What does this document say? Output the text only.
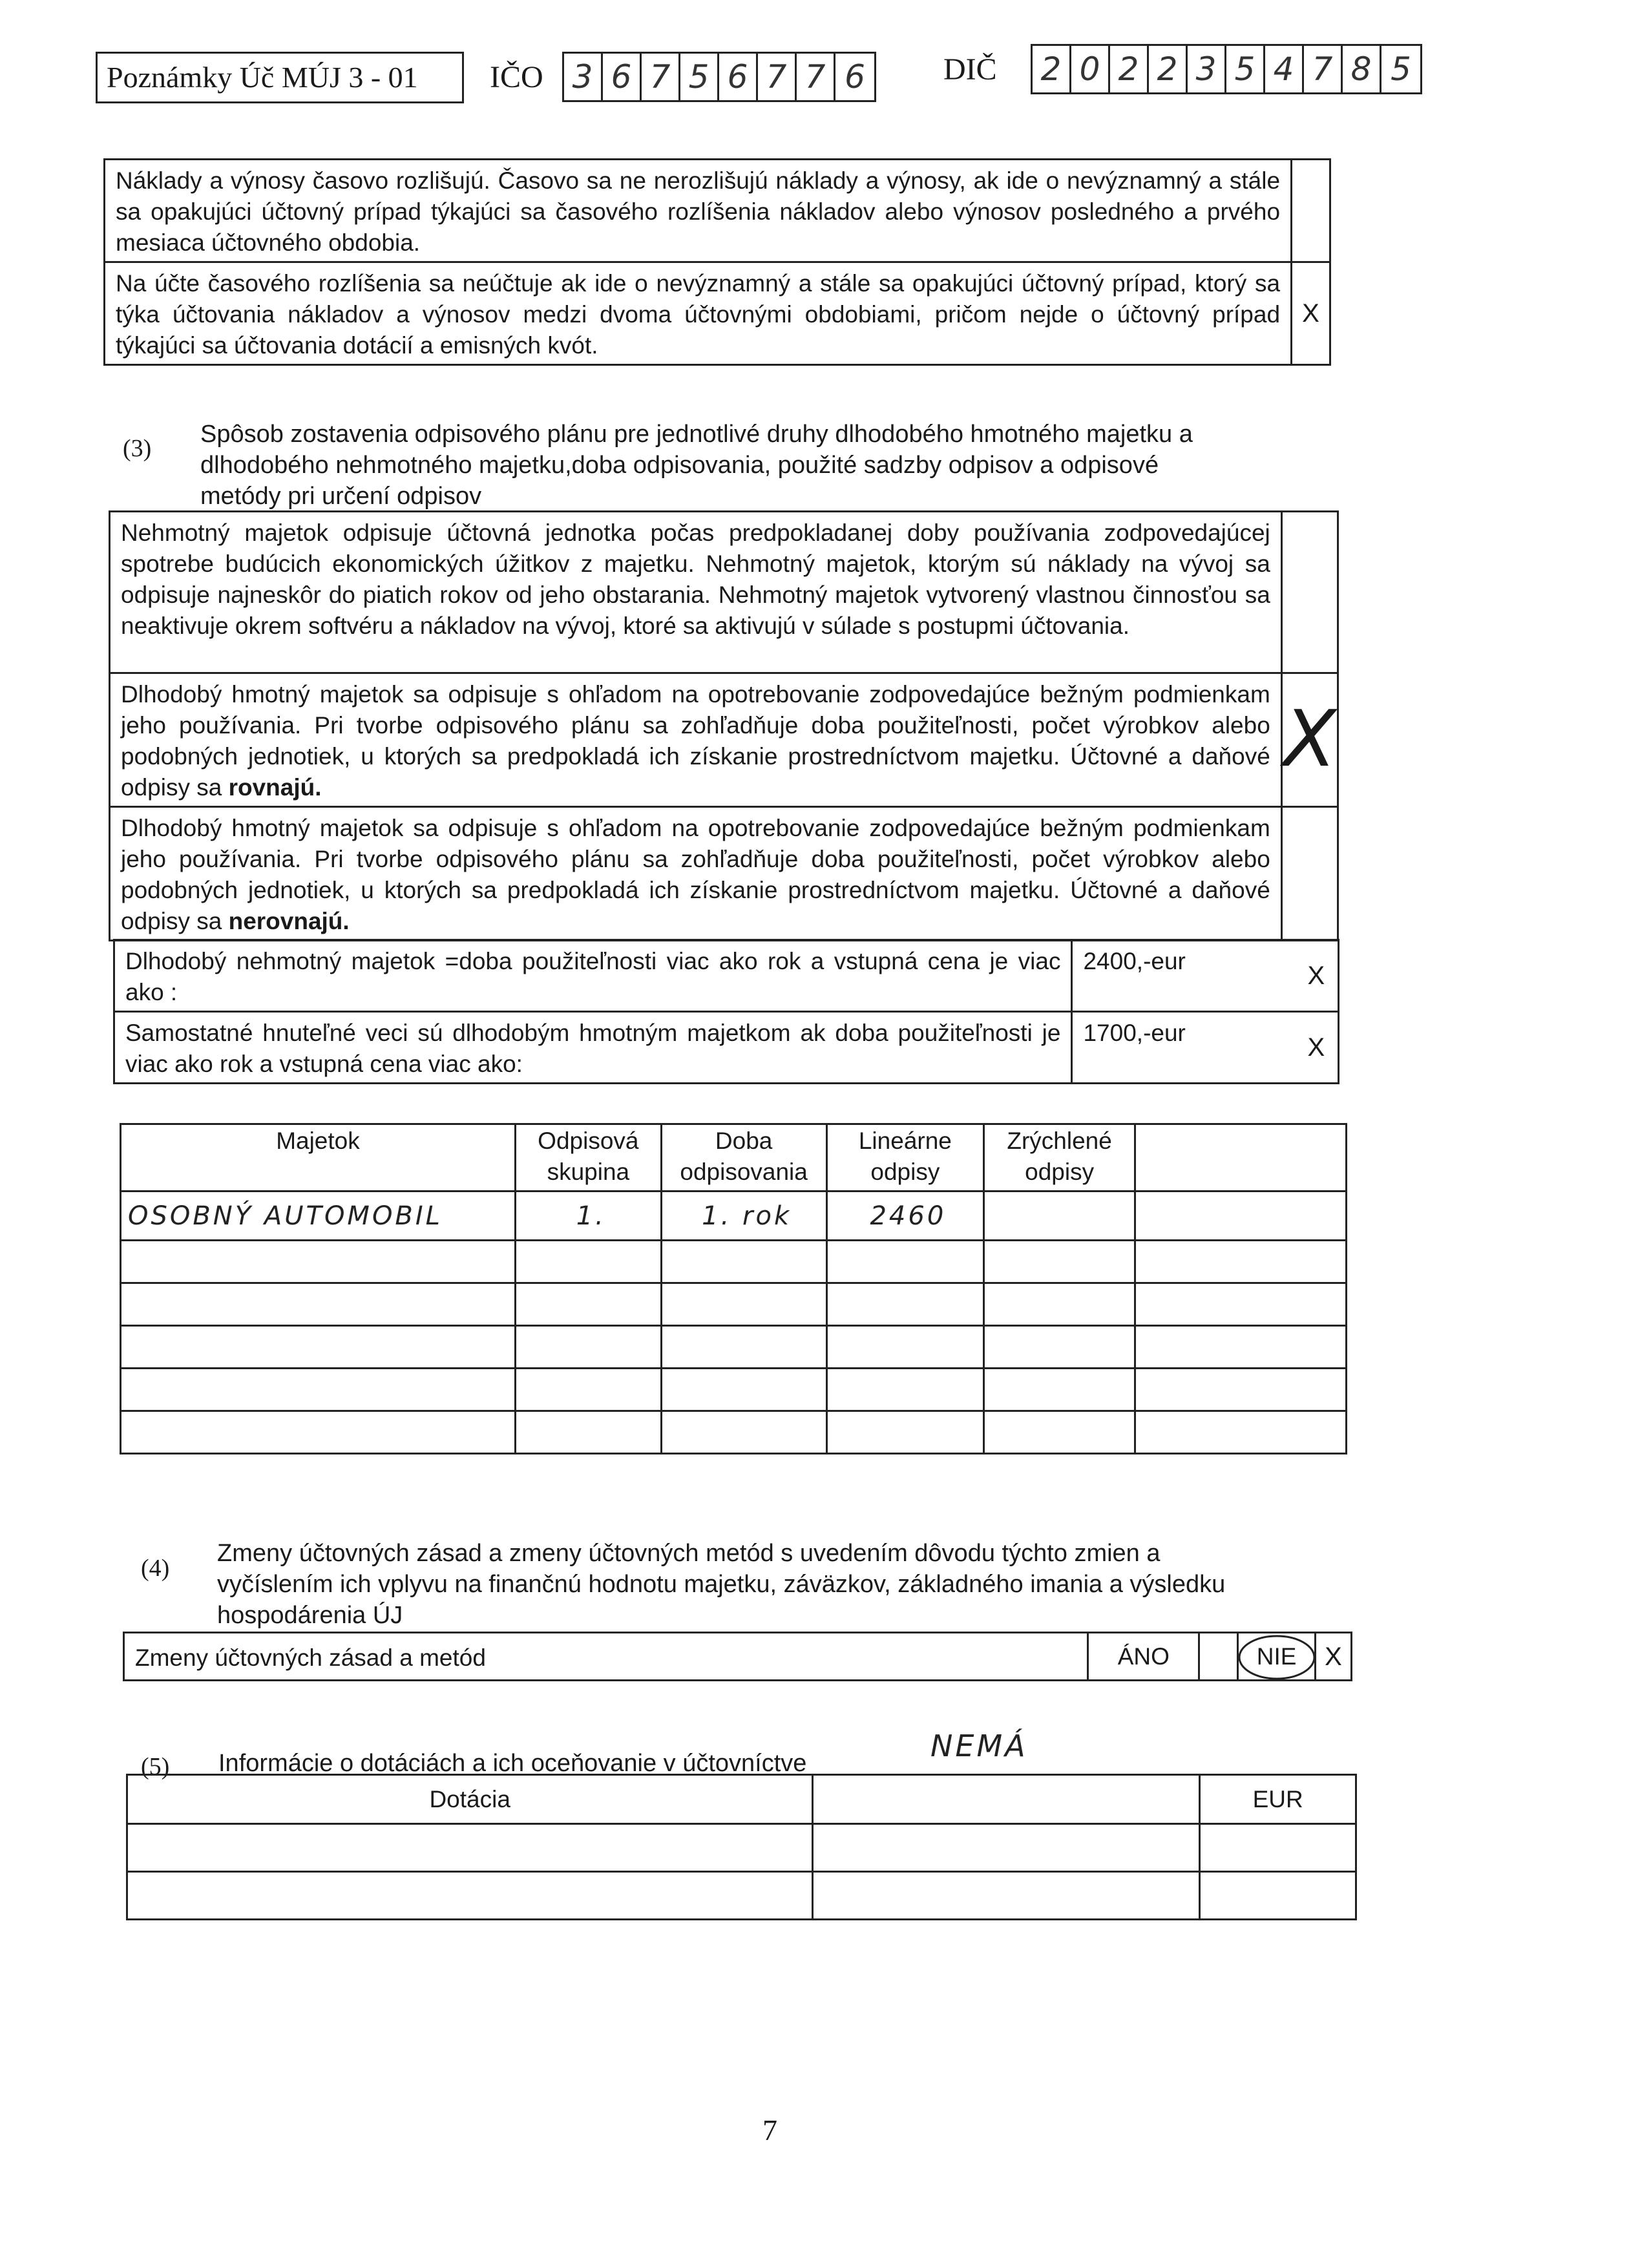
Poznámky Úč MÚJ 3 - 01	IČO 3 6 7 5 6 7 7 6	DIČ 2 0 2 2 3 5 4 7 8 5
Náklady a výnosy časovo rozlišujú. Časovo sa ne nerozlišujú náklady a výnosy, ak ide o nevýznamný a stále sa opakujúci účtovný prípad týkajúci sa časového rozlíšenia nákladov alebo výnosov posledného a prvého mesiaca účtovného obdobia.	
Na účte časového rozlíšenia sa neúčtuje ak ide o nevýznamný a stále sa opakujúci účtovný prípad, ktorý sa týka účtovania nákladov a výnosov medzi dvoma účtovnými obdobiami, pričom nejde o účtovný prípad týkajúci sa účtovania dotácií a emisných kvót.	X
(3)
Spôsob zostavenia odpisového plánu pre jednotlivé druhy dlhodobého hmotného majetku a dlhodobého nehmotného majetku,doba odpisovania, použité sadzby odpisov a odpisové metódy pri určení odpisov
Nehmotný majetok odpisuje účtovná jednotka počas predpokladanej doby používania zodpovedajúcej spotrebe budúcich ekonomických úžitkov z majetku. Nehmotný majetok, ktorým sú náklady na vývoj sa odpisuje najneskôr do piatich rokov od jeho obstarania. Nehmotný majetok vytvorený vlastnou činnosťou sa neaktivuje okrem softvéru a nákladov na vývoj, ktoré sa aktivujú v súlade s postupmi účtovania.	
Dlhodobý hmotný majetok sa odpisuje s ohľadom na opotrebovanie zodpovedajúce bežným podmienkam jeho používania. Pri tvorbe odpisového plánu sa zohľadňuje doba použiteľnosti, počet výrobkov alebo podobných jednotiek, u ktorých sa predpokladá ich získanie prostredníctvom majetku. Účtovné a daňové odpisy sa rovnajú.	X
Dlhodobý hmotný majetok sa odpisuje s ohľadom na opotrebovanie zodpovedajúce bežným podmienkam jeho používania. Pri tvorbe odpisového plánu sa zohľadňuje doba použiteľnosti, počet výrobkov alebo podobných jednotiek, u ktorých sa predpokladá ich získanie prostredníctvom majetku. Účtovné a daňové odpisy sa nerovnajú.	
Dlhodobý nehmotný majetok =doba použiteľnosti viac ako rok a vstupná cena je viac ako :	2400,-eur	X
Samostatné hnuteľné veci sú dlhodobým hmotným majetkom ak doba použiteľnosti je viac ako rok a vstupná cena viac ako:	1700,-eur	X
Majetok	Odpisová skupina	Doba odpisovania	Lineárne odpisy	Zrýchlené odpisy	
OSOBNÝ AUTOMOBIL	1.	1. rok	2460		

(4)
Zmeny účtovných zásad a zmeny účtovných metód s uvedením dôvodu týchto zmien a vyčíslením ich vplyvu na finančnú hodnotu majetku, záväzkov, základného imania a výsledku hospodárenia ÚJ
Zmeny účtovných zásad a metód	ÁNO		NIE	X
(5) Informácie o dotáciách a ich oceňovanie v účtovníctve	NEMÁ
Dotácia		EUR

7
